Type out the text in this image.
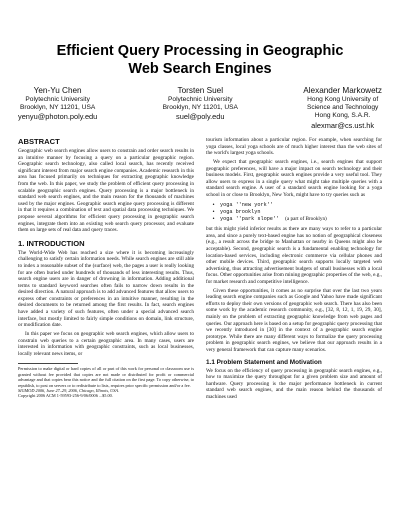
Efficient Query Processing in Geographic
Web Search Engines
Yen-Yu Chen
Polytechnic University
Brooklyn, NY 11201, USA
yenyu@photon.poly.edu
Torsten Suel
Polytechnic University
Brooklyn, NY 11201, USA
suel@poly.edu
Alexander Markowetz
Hong Kong University of
Science and Technology
Hong Kong, S.A.R.
alexmar@cs.ust.hk
ABSTRACT

Geographic web search engines allow users to constrain and order search results in an intuitive manner by focusing a query on a particular geographic region. Geographic search technology, also called local search, has recently received significant interest from major search engine companies. Academic research in this area has focused primarily on techniques for extracting geographic knowledge from the web. In this paper, we study the problem of efficient query processing in scalable geographic search engines. Query processing is a major bottleneck in standard web search engines, and the main reason for the thousands of machines used by the major engines. Geographic search engine query processing is different in that it requires a combination of text and spatial data processing techniques. We propose several algorithms for efficient query processing in geographic search engines, integrate them into an existing web search query processor, and evaluate them on large sets of real data and query traces.

1. INTRODUCTION

The World-Wide Web has reached a size where it is becoming increasingly challenging to satisfy certain information needs. While search engines are still able to index a reasonable subset of the (surface) web, the pages a user is really looking for are often buried under hundreds of thousands of less interesting results. Thus, search engine users are in danger of drowning in information. Adding additional terms to standard keyword searches often fails to narrow down results in the desired direction. A natural approach is to add advanced features that allow users to express other constraints or preferences in an intuitive manner, resulting in the desired documents to be returned among the first results. In fact, search engines have added a variety of such features, often under a special advanced search interface, but mostly limited to fairly simple conditions on domain, link structure, or modification date.

In this paper we focus on geographic web search engines, which allow users to constrain web queries to a certain geographic area. In many cases, users are interested in information with geographic constraints, such as local businesses, locally relevant news items, or

Permission to make digital or hard copies of all or part of this work for personal or classroom use is granted without fee provided that copies are not made or distributed for profit or commercial advantage and that copies bear this notice and the full citation on the first page. To copy otherwise, to republish, to post on servers or to redistribute to lists, requires prior specific permission and/or a fee.
SIGMOD 2006, June 27–29, 2006, Chicago, Illinois, USA.
Copyright 2006 ACM 1-59593-256-9/06/0006 ...$5.00.

tourism information about a particular region. For example, when searching for yoga classes, local yoga schools are of much higher interest than the web sites of the world's largest yoga schools.

We expect that geographic search engines, i.e., search engines that support geographic preferences, will have a major impact on search technology and their business models. First, geographic search engines provide a very useful tool. They allow users to express in a single query what might take multiple queries with a standard search engine. A user of a standard search engine looking for a yoga school in or close to Brooklyn, New York, might have to try queries such as

• yoga ''new york''
• yoga brooklyn
• yoga ''park slope'' (a part of Brooklyn)

but this might yield inferior results as there are many ways to refer to a particular area, and since a purely text-based engine has no notion of geographical closeness (e.g., a result across the bridge to Manhattan or nearby in Queens might also be acceptable). Second, geographic search is a fundamental enabling technology for location-based services, including electronic commerce via cellular phones and other mobile devices. Third, geographic search supports locally targeted web advertising, thus attracting advertisement budgets of small businesses with a local focus. Other opportunities arise from mining geographic properties of the web, e.g., for market research and competitive intelligence.

Given these opportunities, it comes as no surprise that over the last two years leading search engine companies such as Google and Yahoo have made significant efforts to deploy their own versions of geographic web search. There has also been some work by the academic research community, e.g., [32, 8, 12, 1, 19, 29, 30], mainly on the problem of extracting geographic knowledge from web pages and queries. Our approach here is based on a setup for geographic query processing that we recently introduced in [30] in the context of a geographic search engine prototype. While there are many different ways to formalize the query processing problem in geographic search engines, we believe that our approach results in a very general framework that can capture many scenarios.

1.1 Problem Statement and Motivation

We focus on the efficiency of query processing in geographic search engines, e.g., how to maximize the query throughput for a given problem size and amount of hardware. Query processing is the major performance bottleneck in current standard web search engines, and the main reason behind the thousands of machines used
